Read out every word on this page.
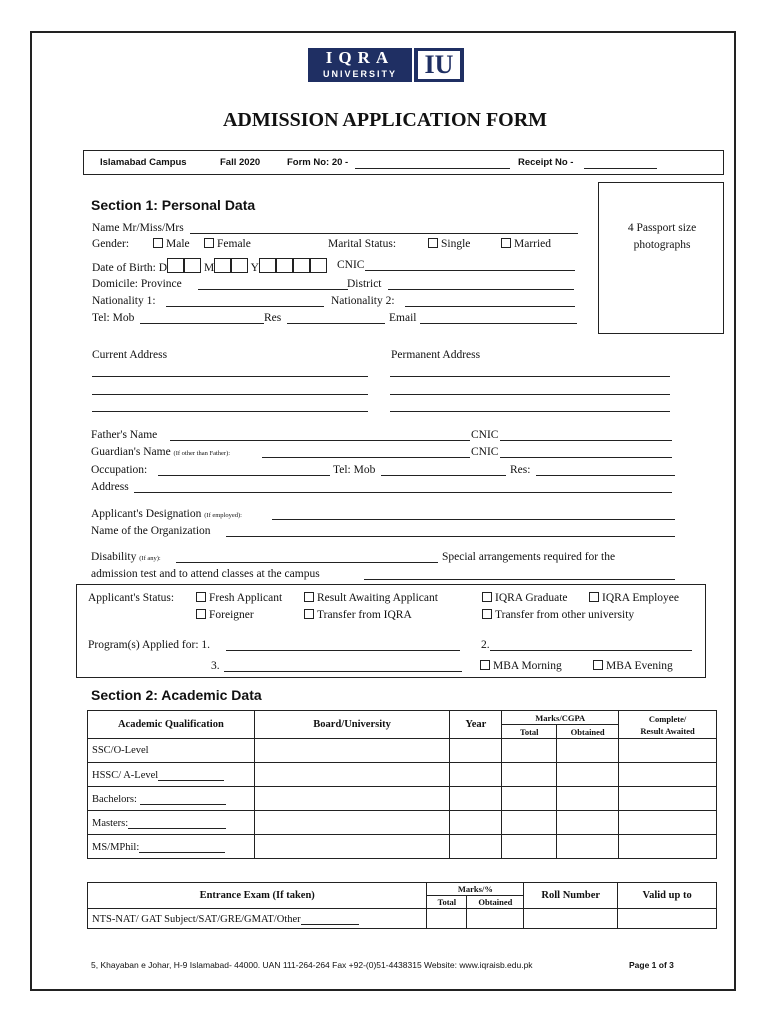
IQRA
UNIVERSITY	IU
ADMISSION APPLICATION FORM
Islamabad Campus	Fall 2020	Form No: 20 -	Receipt No -
Section 1: Personal Data
4 Passport size photographs
Name Mr/Miss/Mrs
Gender:	Male	Female	Marital Status:	Single	Married
Date of Birth: D	M	Y	CNIC
Domicile: Province	District
Nationality 1:	Nationality 2:
Tel: Mob	Res	Email
Current Address	Permanent Address
Father's Name	CNIC
Guardian's Name (If other than Father):	CNIC
Occupation:	Tel: Mob	Res:
Address
Applicant's Designation (If employed):
Name of the Organization
Disability (If any):	Special arrangements required for the
admission test and to attend classes at the campus
Applicant's Status:	Fresh Applicant	Result Awaiting Applicant	IQRA Graduate	IQRA Employee
Foreigner	Transfer from IQRA	Transfer from other university
Program(s) Applied for: 1.	2.
3.	MBA Morning	MBA Evening
Section 2: Academic Data
Academic Qualification	Board/University	Year	Marks/CGPA		Complete/
Result Awaited
			Total	Obtained	
SSC/O-Level					
HSSC/ A-Level					
Bachelors:					
Masters:					
MS/MPhil:					
Entrance Exam (If taken)	Marks/%		Roll Number	Valid up to
	Total	Obtained		
NTS-NAT/ GAT Subject/SAT/GRE/GMAT/Other				
5, Khayaban e Johar, H-9 Islamabad- 44000. UAN 111-264-264 Fax +92-(0)51-4438315 Website: www.iqraisb.edu.pk	Page 1 of 3
